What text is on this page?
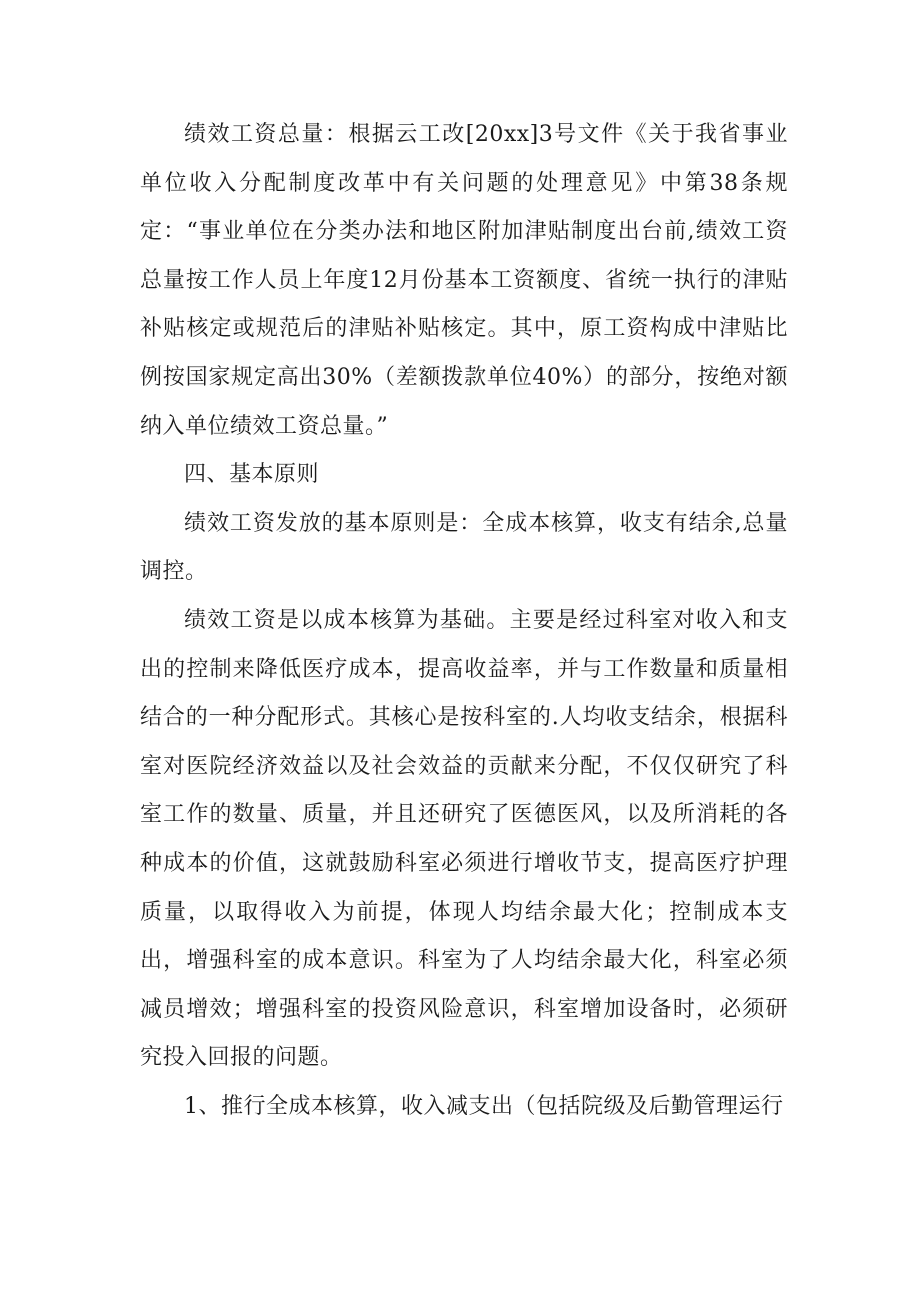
绩效工资总量：根据云工改[20xx]3号文件《关于我省事业单位收入分配制度改革中有关问题的处理意见》中第38条规定：“事业单位在分类办法和地区附加津贴制度出台前,绩效工资总量按工作人员上年度12月份基本工资额度、省统一执行的津贴补贴核定或规范后的津贴补贴核定。其中，原工资构成中津贴比例按国家规定高出30%（差额拨款单位40%）的部分，按绝对额纳入单位绩效工资总量。”

四、基本原则

绩效工资发放的基本原则是：全成本核算，收支有结余,总量调控。

绩效工资是以成本核算为基础。主要是经过科室对收入和支出的控制来降低医疗成本，提高收益率，并与工作数量和质量相结合的一种分配形式。其核心是按科室的.人均收支结余，根据科室对医院经济效益以及社会效益的贡献来分配，不仅仅研究了科室工作的数量、质量，并且还研究了医德医风，以及所消耗的各种成本的价值，这就鼓励科室必须进行增收节支，提高医疗护理质量，以取得收入为前提，体现人均结余最大化；控制成本支出，增强科室的成本意识。科室为了人均结余最大化，科室必须减员增效；增强科室的投资风险意识，科室增加设备时，必须研究投入回报的问题。

1、推行全成本核算，收入减支出（包括院级及后勤管理运行
